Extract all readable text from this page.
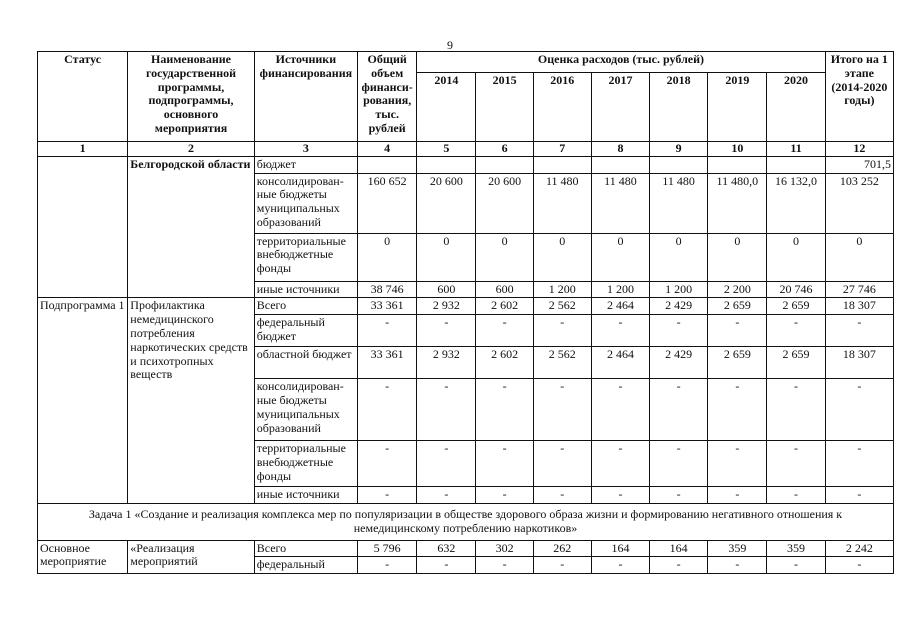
9
Статус	Наименование государственной программы, подпрограммы, основного мероприятия	Источники финансирования	Общий объем финанси-рования, тыс. рублей	Оценка расходов (тыс. рублей)							Итого на 1 этапе (2014-2020 годы)
				2014	2015	2016	2017	2018	2019	2020	
1	2	3	4	5	6	7	8	9	10	11	12
	Белгородской области	бюджет									701,5
		консолидирован-ные бюджеты муниципальных образований	160 652	20 600	20 600	11 480	11 480	11 480	11 480,0	16 132,0	103 252
		территориальные внебюджетные фонды	0	0	0	0	0	0	0	0	0
		иные источники	38 746	600	600	1 200	1 200	1 200	2 200	20 746	27 746
Подпрограмма 1	Профилактика немедицинского потребления наркотических средств и психотропных веществ	Всего	33 361	2 932	2 602	2 562	2 464	2 429	2 659	2 659	18 307
		федеральный бюджет	-	-	-	-	-	-	-	-	-
		областной бюджет	33 361	2 932	2 602	2 562	2 464	2 429	2 659	2 659	18 307
		консолидирован-ные бюджеты муниципальных образований	-	-	-	-	-	-	-	-	-
		территориальные внебюджетные фонды	-	-	-	-	-	-	-	-	-
		иные источники	-	-	-	-	-	-	-	-	-
Задача 1 «Создание и реализация комплекса мер по популяризации в обществе здорового образа жизни и формированию негативного отношения к немедицинскому потреблению наркотиков»											
Основное мероприятие	«Реализация мероприятий	Всего	5 796	632	302	262	164	164	359	359	2 242
		федеральный	-	-	-	-	-	-	-	-	-
